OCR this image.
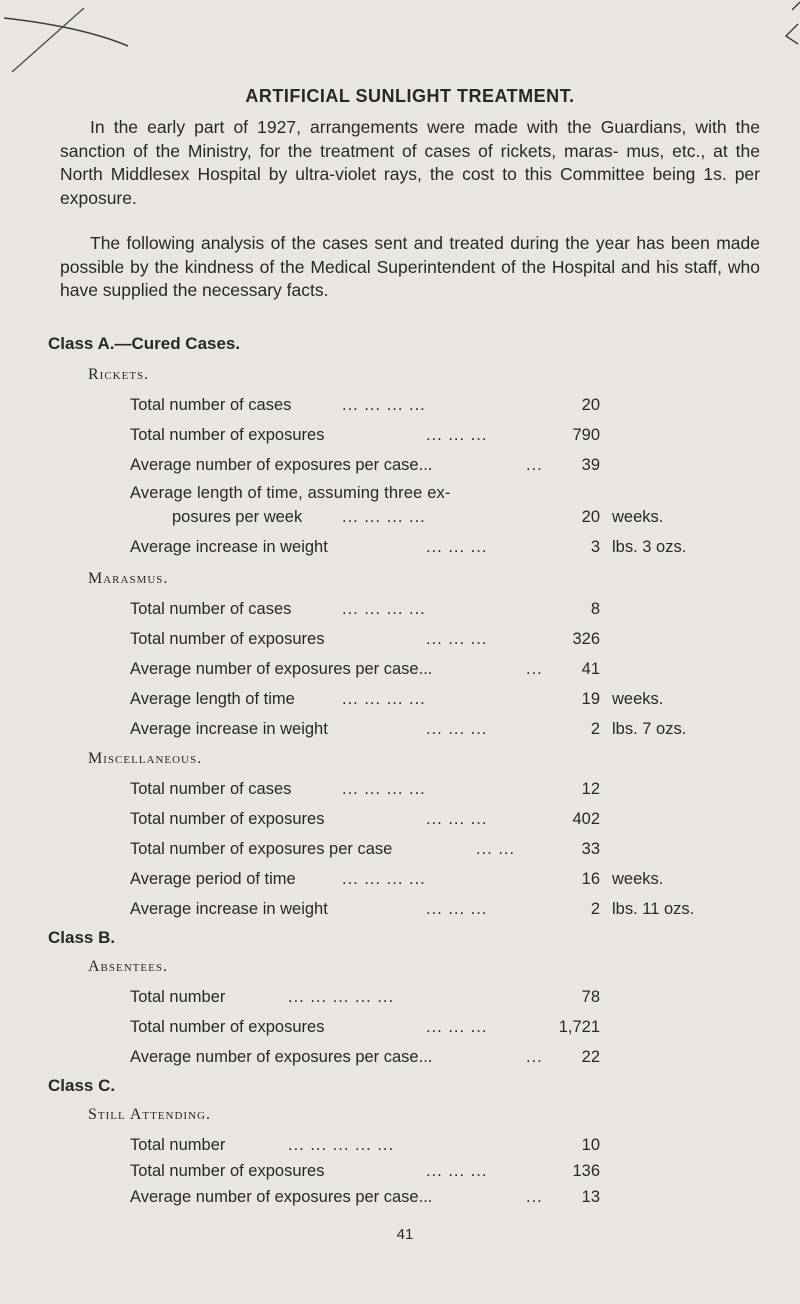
ARTIFICIAL SUNLIGHT TREATMENT.

In the early part of 1927, arrangements were made with the Guardians, with the sanction of the Ministry, for the treatment of cases of rickets, maras- mus, etc., at the North Middlesex Hospital by ultra-violet rays, the cost to this Committee being 1s. per exposure.

The following analysis of the cases sent and treated during the year has been made possible by the kindness of the Medical Superintendent of the Hospital and his staff, who have supplied the necessary facts.

Class A.—Cured Cases.
Rickets.
Total number of cases	... ... ... ...	20
Total number of exposures	... ... ...	790
Average number of exposures per case...	... 39
Average length of time, assuming three ex-
posures per week ... ... ... ...	20 weeks.
Average increase in weight	... ... ...	3 lbs. 3 ozs.
Marasmus.
Total number of cases	... ... ... ...	8
Total number of exposures	... ... ...	326
Average number of exposures per case...	... 41
Average length of time	... ... ... ...	19 weeks.
Average increase in weight	... ... ...	2 lbs. 7 ozs.
Miscellaneous.
Total number of cases	... ... ... ...	12
Total number of exposures	... ... ...	402
Total number of exposures per case	... ...	33
Average period of time	... ... ... ...	16 weeks.
Average increase in weight	... ... ...	2 lbs. 11 ozs.
Class B.
Absentees.
Total number	... ... ... ... ...	78
Total number of exposures	... ... ...	1,721
Average number of exposures per case...	... 22
Class C.
Still Attending.
Total number	... ... ... ... ...	10
Total number of exposures	... ... ...	136
Average number of exposures per case...	... 13
41
